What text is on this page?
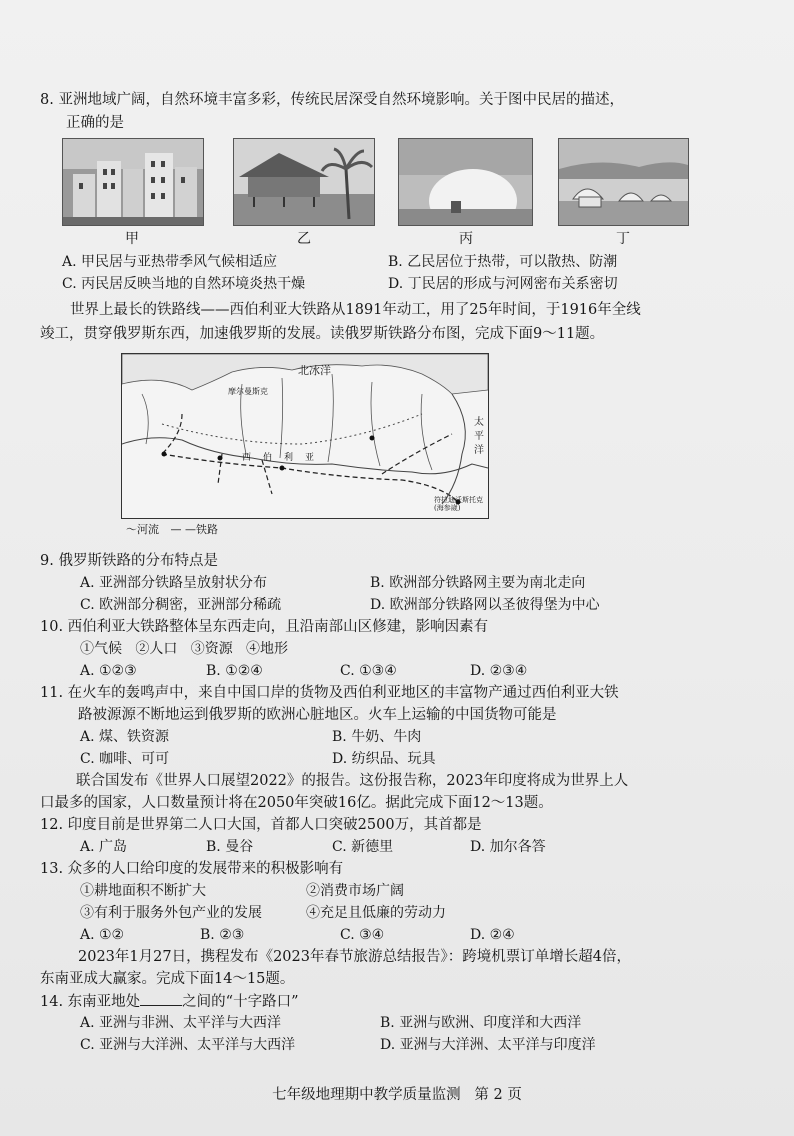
8. 亚洲地域广阔，自然环境丰富多彩，传统民居深受自然环境影响。关于图中民居的描述，
正确的是
甲	乙	丙	丁
A. 甲民居与亚热带季风气候相适应	B. 乙民居位于热带，可以散热、防潮
C. 丙民居反映当地的自然环境炎热干燥	D. 丁民居的形成与河网密布关系密切
世界上最长的铁路线——西伯利亚大铁路从1891年动工，用了25年时间，于1916年全线
竣工，贯穿俄罗斯东西，加速俄罗斯的发展。读俄罗斯铁路分布图，完成下面9～11题。
北冰洋
摩尔曼斯克
太
平
洋
西伯利亚
符拉迪沃斯托克(海参崴)
〜河流 — —铁路
9. 俄罗斯铁路的分布特点是
A. 亚洲部分铁路呈放射状分布	B. 欧洲部分铁路网主要为南北走向
C. 欧洲部分稠密，亚洲部分稀疏	D. 欧洲部分铁路网以圣彼得堡为中心
10. 西伯利亚大铁路整体呈东西走向，且沿南部山区修建，影响因素有
①气候   ②人口   ③资源   ④地形
A. ①②③	B. ①②④	C. ①③④	D. ②③④
11. 在火车的轰鸣声中，来自中国口岸的货物及西伯利亚地区的丰富物产通过西伯利亚大铁
路被源源不断地运到俄罗斯的欧洲心脏地区。火车上运输的中国货物可能是
A. 煤、铁资源	B. 牛奶、牛肉
C. 咖啡、可可	D. 纺织品、玩具
联合国发布《世界人口展望2022》的报告。这份报告称，2023年印度将成为世界上人
口最多的国家，人口数量预计将在2050年突破16亿。据此完成下面12～13题。
12. 印度目前是世界第二人口大国，首都人口突破2500万，其首都是
A. 广岛	B. 曼谷	C. 新德里	D. 加尔各答
13. 众多的人口给印度的发展带来的积极影响有
①耕地面积不断扩大	②消费市场广阔
③有利于服务外包产业的发展	④充足且低廉的劳动力
A. ①②	B. ②③	C. ③④	D. ②④
2023年1月27日，携程发布《2023年春节旅游总结报告》：跨境机票订单增长超4倍，
东南亚成大赢家。完成下面14～15题。
14. 东南亚地处	之间的“十字路口”
A. 亚洲与非洲、太平洋与大西洋	B. 亚洲与欧洲、印度洋和大西洋
C. 亚洲与大洋洲、太平洋与大西洋	D. 亚洲与大洋洲、太平洋与印度洋
七年级地理期中教学质量监测   第 2 页
